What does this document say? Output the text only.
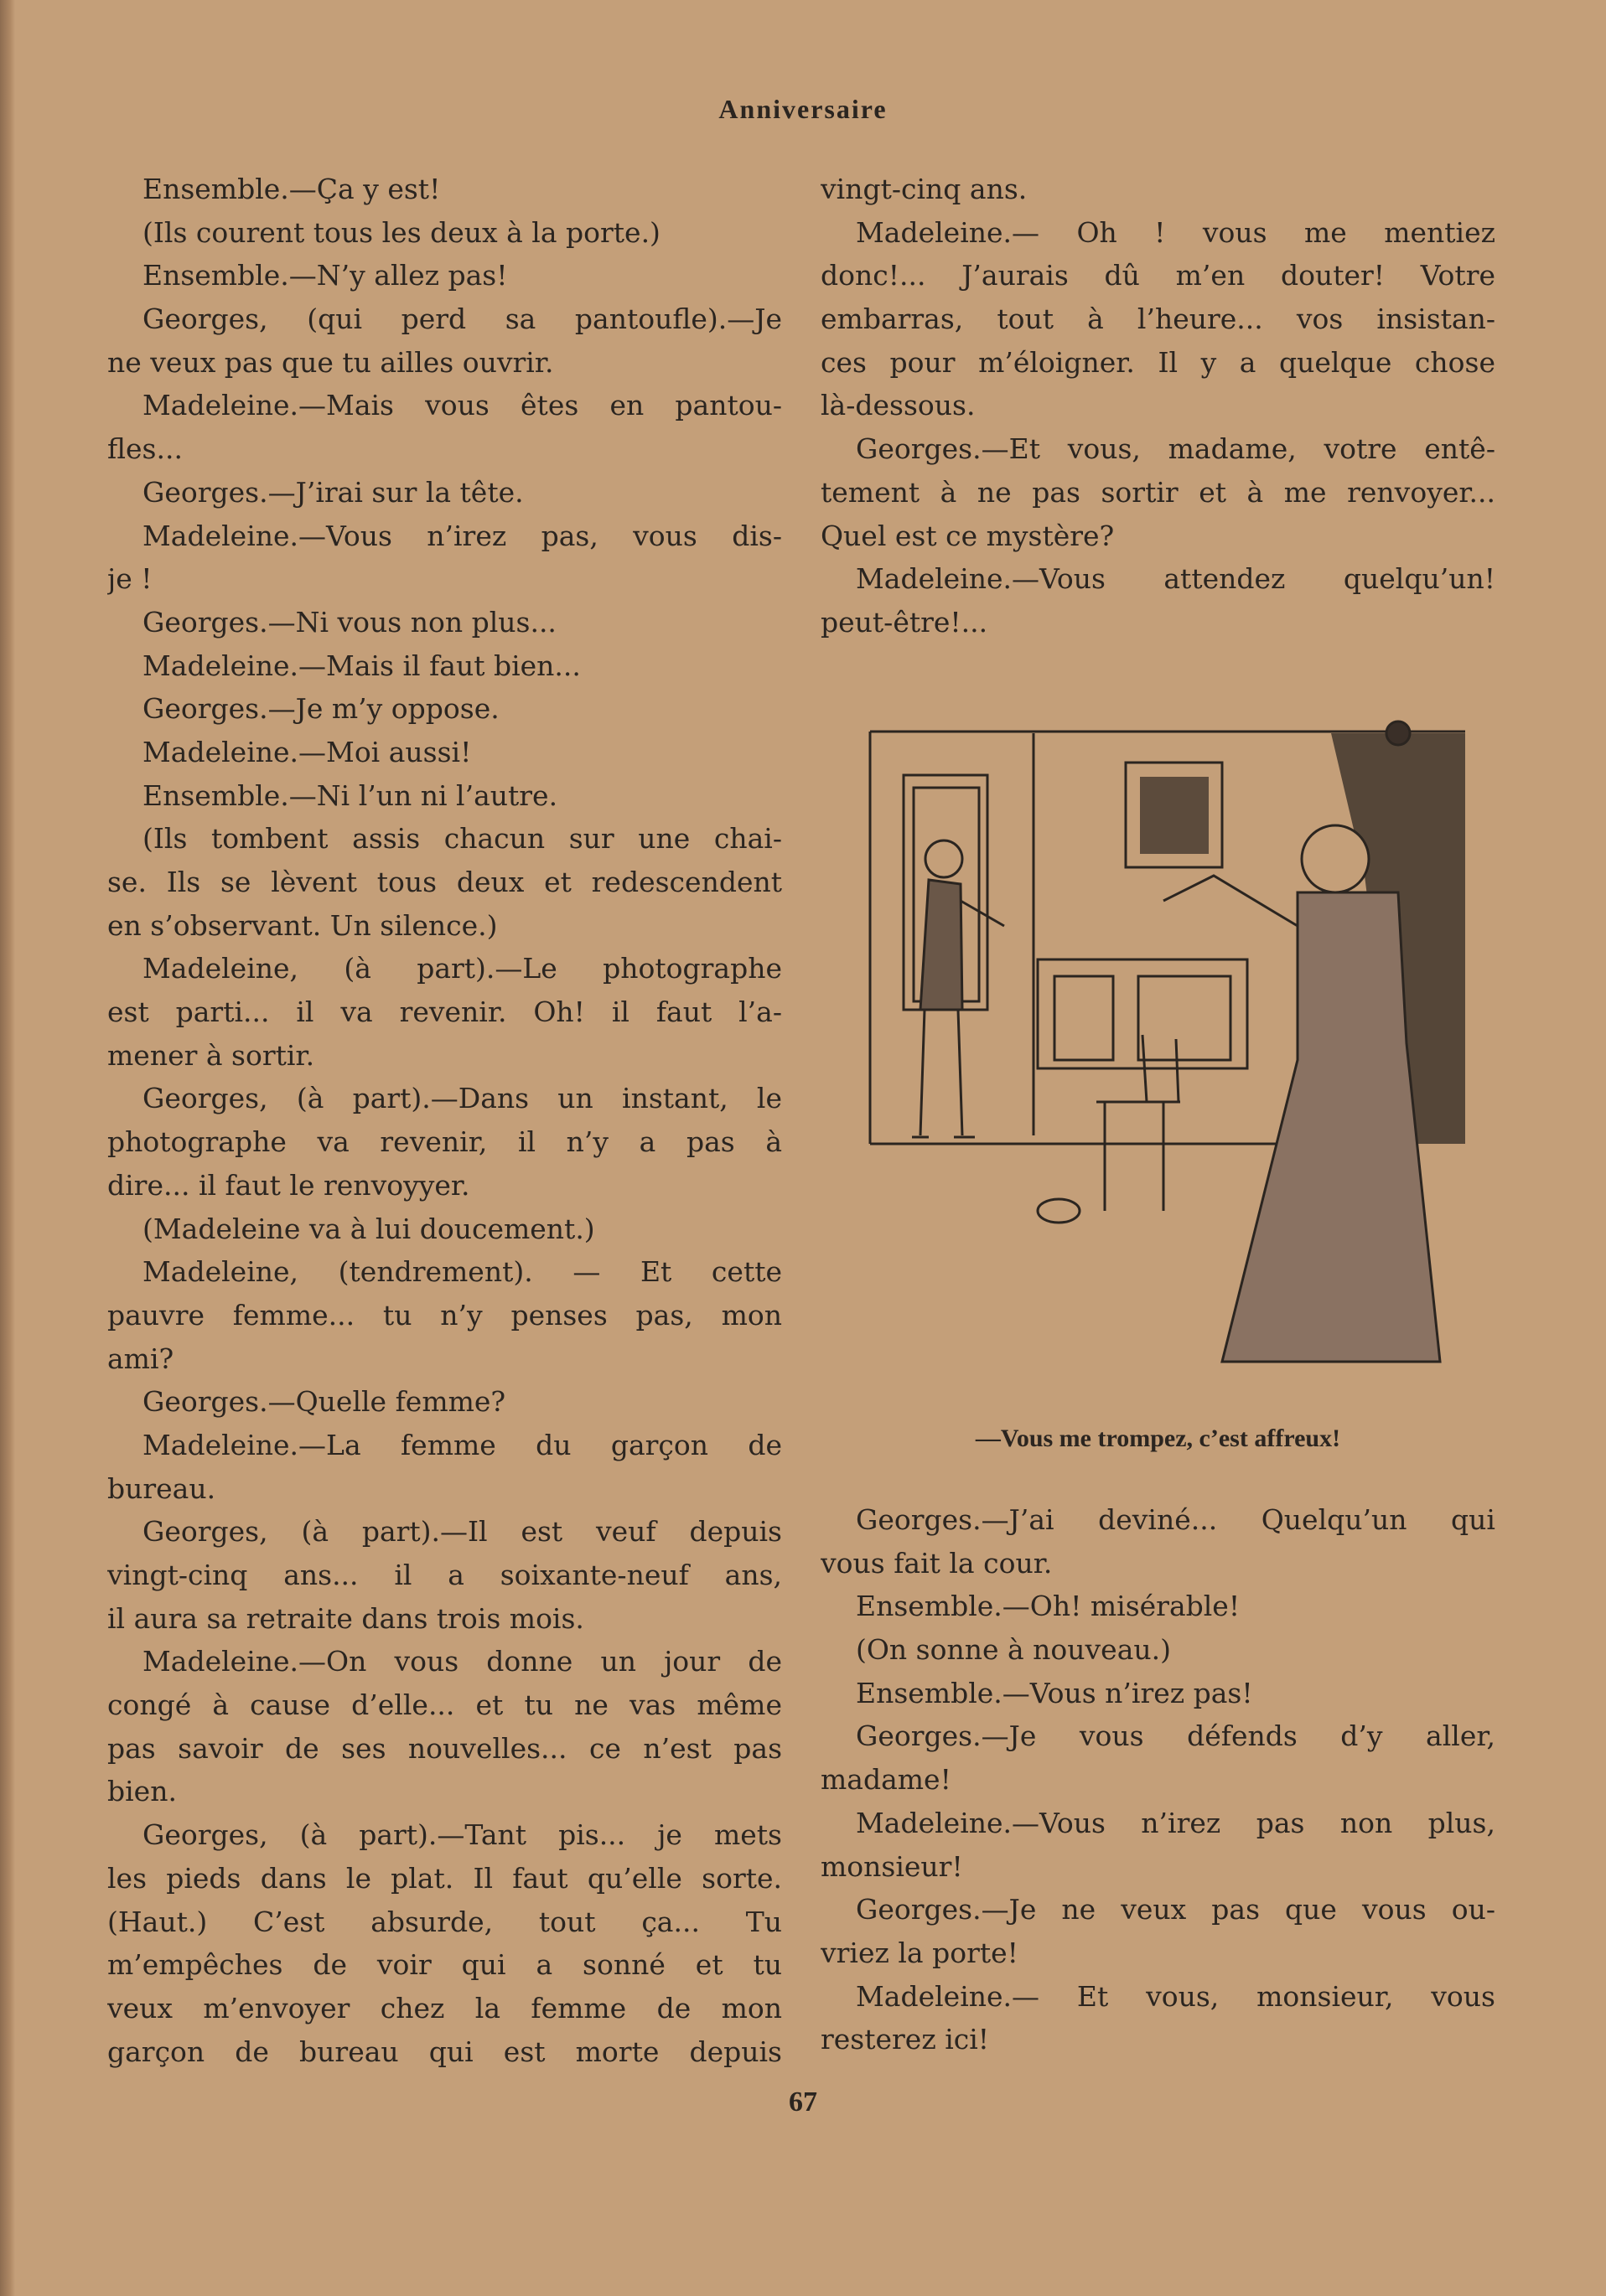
Anniversaire
Ensemble.—Ça y est!
(Ils courent tous les deux à la porte.)
Ensemble.—N’y allez pas!
Georges, (qui perd sa pantoufle).—Je
ne veux pas que tu ailles ouvrir.
Madeleine.—Mais vous êtes en pantou-
fles...
Georges.—J’irai sur la tête.
Madeleine.—Vous n’irez pas, vous dis-
je !
Georges.—Ni vous non plus...
Madeleine.—Mais il faut bien...
Georges.—Je m’y oppose.
Madeleine.—Moi aussi!
Ensemble.—Ni l’un ni l’autre.
(Ils tombent assis chacun sur une chai-
se. Ils se lèvent tous deux et redescendent
en s’observant. Un silence.)
Madeleine, (à part).—Le photographe
est parti... il va revenir. Oh! il faut l’a-
mener à sortir.
Georges, (à part).—Dans un instant, le
photographe va revenir, il n’y a pas à
dire... il faut le renvoyyer.
(Madeleine va à lui doucement.)
Madeleine, (tendrement). — Et cette
pauvre femme... tu n’y penses pas, mon
ami?
Georges.—Quelle femme?
Madeleine.—La femme du garçon de
bureau.
Georges, (à part).—Il est veuf depuis
vingt-cinq ans... il a soixante-neuf ans,
il aura sa retraite dans trois mois.
Madeleine.—On vous donne un jour de
congé à cause d’elle... et tu ne vas même
pas savoir de ses nouvelles... ce n’est pas
bien.
Georges, (à part).—Tant pis... je mets
les pieds dans le plat. Il faut qu’elle sorte.
(Haut.) C’est absurde, tout ça... Tu
m’empêches de voir qui a sonné et tu
veux m’envoyer chez la femme de mon
garçon de bureau qui est morte depuis
vingt-cinq ans.
Madeleine.— Oh ! vous me mentiez
donc!... J’aurais dû m’en douter! Votre
embarras, tout à l’heure... vos insistan-
ces pour m’éloigner. Il y a quelque chose
là-dessous.
Georges.—Et vous, madame, votre entê-
tement à ne pas sortir et à me renvoyer...
Quel est ce mystère?
Madeleine.—Vous attendez quelqu’un!
peut-être!...
—Vous me trompez, c’est affreux!
Georges.—J’ai deviné... Quelqu’un qui
vous fait la cour.
Ensemble.—Oh! misérable!
(On sonne à nouveau.)
Ensemble.—Vous n’irez pas!
Georges.—Je vous défends d’y aller,
madame!
Madeleine.—Vous n’irez pas non plus,
monsieur!
Georges.—Je ne veux pas que vous ou-
vriez la porte!
Madeleine.— Et vous, monsieur, vous
resterez ici!
67
